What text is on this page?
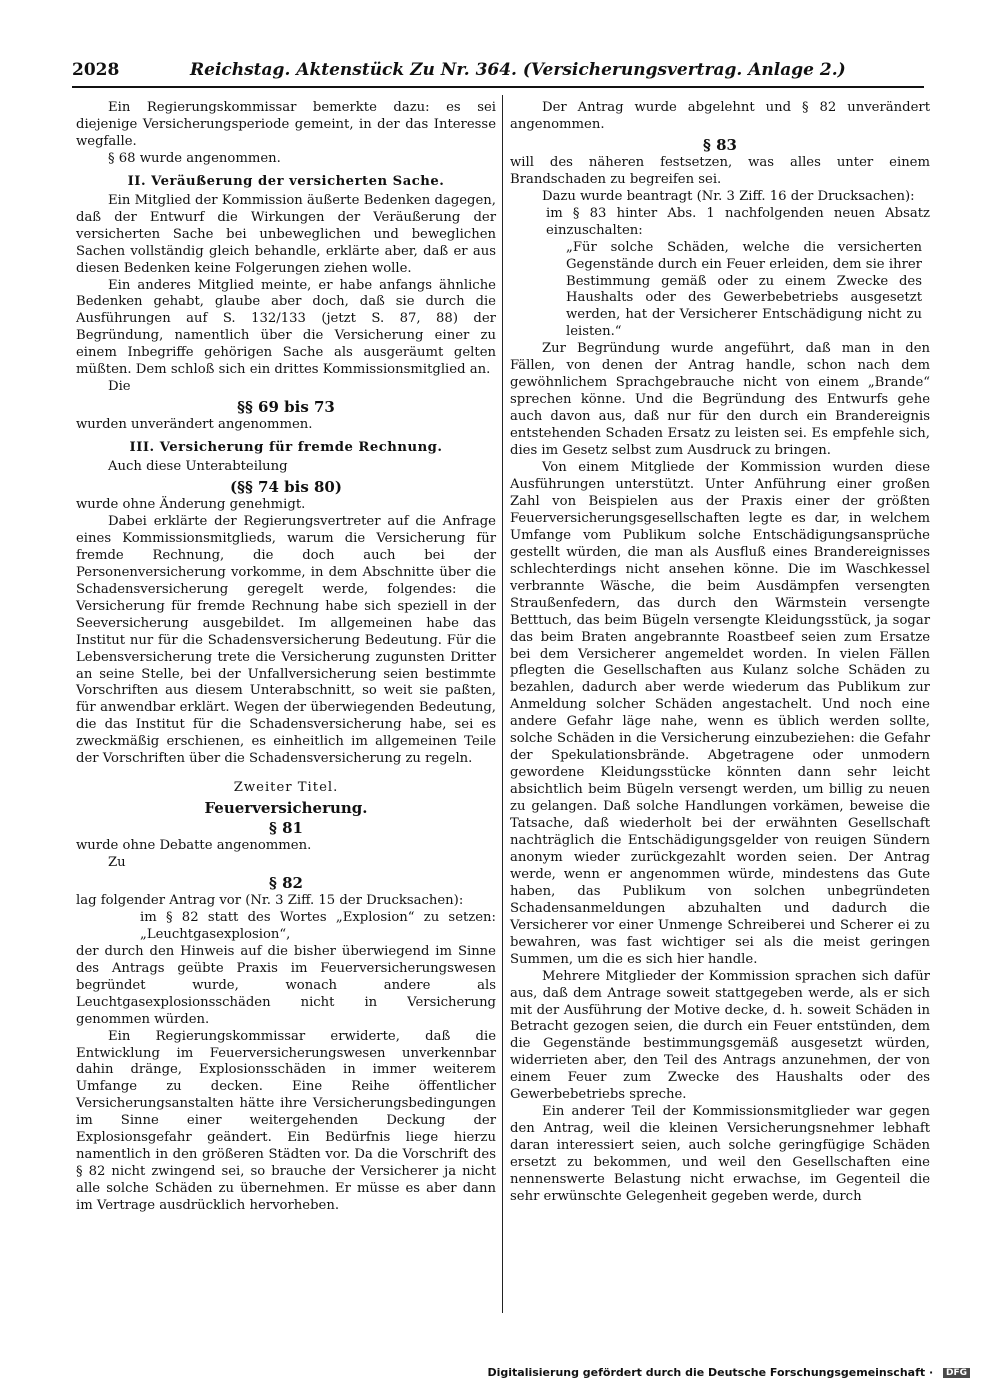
2028	Reichstag. Aktenstück Zu Nr. 364. (Versicherungsvertrag. Anlage 2.)

Ein Regierungskommissar bemerkte dazu: es sei diejenige Versicherungsperiode gemeint, in der das Interesse wegfalle.

§ 68 wurde angenommen.

II. Veräußerung der versicherten Sache.

Ein Mitglied der Kommission äußerte Bedenken dagegen, daß der Entwurf die Wirkungen der Veräußerung der versicherten Sache bei unbeweglichen und beweglichen Sachen vollständig gleich behandle, erklärte aber, daß er aus diesen Bedenken keine Folgerungen ziehen wolle.

Ein anderes Mitglied meinte, er habe anfangs ähnliche Bedenken gehabt, glaube aber doch, daß sie durch die Ausführungen auf S. 132/133 (jetzt S. 87, 88) der Begründung, namentlich über die Versicherung einer zu einem Inbegriffe gehörigen Sache als ausgeräumt gelten müßten. Dem schloß sich ein drittes Kommissionsmitglied an.

Die

§§ 69 bis 73

wurden unverändert angenommen.

III. Versicherung für fremde Rechnung.

Auch diese Unterabteilung

(§§ 74 bis 80)

wurde ohne Änderung genehmigt.

Dabei erklärte der Regierungsvertreter auf die Anfrage eines Kommissionsmitglieds, warum die Versicherung für fremde Rechnung, die doch auch bei der Personenversicherung vorkomme, in dem Abschnitte über die Schadensversicherung geregelt werde, folgendes: die Versicherung für fremde Rechnung habe sich speziell in der Seeversicherung ausgebildet. Im allgemeinen habe das Institut nur für die Schadensversicherung Bedeutung. Für die Lebensversicherung trete die Versicherung zugunsten Dritter an seine Stelle, bei der Unfallversicherung seien bestimmte Vorschriften aus diesem Unterabschnitt, so weit sie paßten, für anwendbar erklärt. Wegen der überwiegenden Bedeutung, die das Institut für die Schadensversicherung habe, sei es zweckmäßig erschienen, es einheitlich im allgemeinen Teile der Vorschriften über die Schadensversicherung zu regeln.

Zweiter Titel.

Feuerversicherung.

§ 81

wurde ohne Debatte angenommen.

Zu

§ 82

lag folgender Antrag vor (Nr. 3 Ziff. 15 der Drucksachen):

im § 82 statt des Wortes „Explosion“ zu setzen: „Leuchtgasexplosion“,

der durch den Hinweis auf die bisher überwiegend im Sinne des Antrags geübte Praxis im Feuerversicherungswesen begründet wurde, wonach andere als Leuchtgasexplosionsschäden nicht in Versicherung genommen würden.

Ein Regierungskommissar erwiderte, daß die Entwicklung im Feuerversicherungswesen unverkennbar dahin dränge, Explosionsschäden in immer weiterem Umfange zu decken. Eine Reihe öffentlicher Versicherungsanstalten hätte ihre Versicherungsbedingungen im Sinne einer weitergehenden Deckung der Explosionsgefahr geändert. Ein Bedürfnis liege hierzu namentlich in den größeren Städten vor. Da die Vorschrift des § 82 nicht zwingend sei, so brauche der Versicherer ja nicht alle solche Schäden zu übernehmen. Er müsse es aber dann im Vertrage ausdrücklich hervorheben.

Der Antrag wurde abgelehnt und § 82 unverändert angenommen.

§ 83

will des näheren festsetzen, was alles unter einem Brandschaden zu begreifen sei.

Dazu wurde beantragt (Nr. 3 Ziff. 16 der Drucksachen):

im § 83 hinter Abs. 1 nachfolgenden neuen Absatz einzuschalten:

„Für solche Schäden, welche die versicherten Gegenstände durch ein Feuer erleiden, dem sie ihrer Bestimmung gemäß oder zu einem Zwecke des Haushalts oder des Gewerbebetriebs ausgesetzt werden, hat der Versicherer Entschädigung nicht zu leisten.“

Zur Begründung wurde angeführt, daß man in den Fällen, von denen der Antrag handle, schon nach dem gewöhnlichem Sprachgebrauche nicht von einem „Brande“ sprechen könne. Und die Begründung des Entwurfs gehe auch davon aus, daß nur für den durch ein Brandereignis entstehenden Schaden Ersatz zu leisten sei. Es empfehle sich, dies im Gesetz selbst zum Ausdruck zu bringen.

Von einem Mitgliede der Kommission wurden diese Ausführungen unterstützt. Unter Anführung einer großen Zahl von Beispielen aus der Praxis einer der größten Feuerversicherungsgesellschaften legte es dar, in welchem Umfange vom Publikum solche Entschädigungsansprüche gestellt würden, die man als Ausfluß eines Brandereignisses schlechterdings nicht ansehen könne. Die im Waschkessel verbrannte Wäsche, die beim Ausdämpfen versengten Straußenfedern, das durch den Wärmstein versengte Betttuch, das beim Bügeln versengte Kleidungsstück, ja sogar das beim Braten angebrannte Roastbeef seien zum Ersatze bei dem Versicherer angemeldet worden. In vielen Fällen pflegten die Gesellschaften aus Kulanz solche Schäden zu bezahlen, dadurch aber werde wiederum das Publikum zur Anmeldung solcher Schäden angestachelt. Und noch eine andere Gefahr läge nahe, wenn es üblich werden sollte, solche Schäden in die Versicherung einzubeziehen: die Gefahr der Spekulationsbrände. Abgetragene oder unmodern gewordene Kleidungsstücke könnten dann sehr leicht absichtlich beim Bügeln versengt werden, um billig zu neuen zu gelangen. Daß solche Handlungen vorkämen, beweise die Tatsache, daß wiederholt bei der erwähnten Gesellschaft nachträglich die Entschädigungsgelder von reuigen Sündern anonym wieder zurückgezahlt worden seien. Der Antrag werde, wenn er angenommen würde, mindestens das Gute haben, das Publikum von solchen unbegründeten Schadensanmeldungen abzuhalten und dadurch die Versicherer vor einer Unmenge Schreiberei und Scherer ei zu bewahren, was fast wichtiger sei als die meist geringen Summen, um die es sich hier handle.

Mehrere Mitglieder der Kommission sprachen sich dafür aus, daß dem Antrage soweit stattgegeben werde, als er sich mit der Ausführung der Motive decke, d. h. soweit Schäden in Betracht gezogen seien, die durch ein Feuer entstünden, dem die Gegenstände bestimmungsgemäß ausgesetzt würden, widerrieten aber, den Teil des Antrags anzunehmen, der von einem Feuer zum Zwecke des Haushalts oder des Gewerbebetriebs spreche.

Ein anderer Teil der Kommissionsmitglieder war gegen den Antrag, weil die kleinen Versicherungsnehmer lebhaft daran interessiert seien, auch solche geringfügige Schäden ersetzt zu bekommen, und weil den Gesellschaften eine nennenswerte Belastung nicht erwachse, im Gegenteil die sehr erwünschte Gelegenheit gegeben werde, durch

Digitalisierung gefördert durch die Deutsche Forschungsgemeinschaft · DFG
